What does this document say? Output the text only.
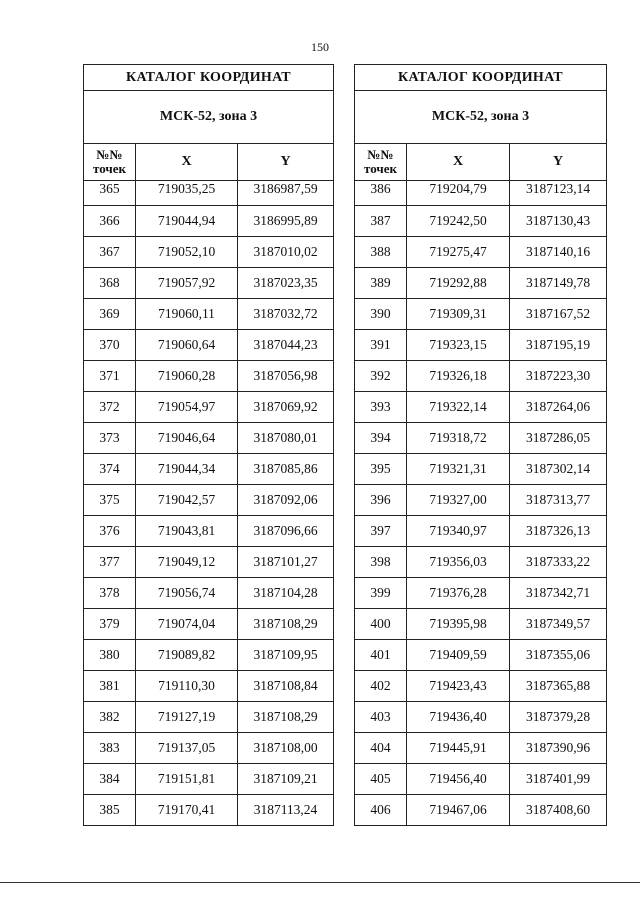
150
КАТАЛОГ КООРДИНАТ		
МСК-52, зона 3		
№№ точек	X	Y
365	719035,25	3186987,59
366	719044,94	3186995,89
367	719052,10	3187010,02
368	719057,92	3187023,35
369	719060,11	3187032,72
370	719060,64	3187044,23
371	719060,28	3187056,98
372	719054,97	3187069,92
373	719046,64	3187080,01
374	719044,34	3187085,86
375	719042,57	3187092,06
376	719043,81	3187096,66
377	719049,12	3187101,27
378	719056,74	3187104,28
379	719074,04	3187108,29
380	719089,82	3187109,95
381	719110,30	3187108,84
382	719127,19	3187108,29
383	719137,05	3187108,00
384	719151,81	3187109,21
385	719170,41	3187113,24
КАТАЛОГ КООРДИНАТ		
МСК-52, зона 3		
№№ точек	X	Y
386	719204,79	3187123,14
387	719242,50	3187130,43
388	719275,47	3187140,16
389	719292,88	3187149,78
390	719309,31	3187167,52
391	719323,15	3187195,19
392	719326,18	3187223,30
393	719322,14	3187264,06
394	719318,72	3187286,05
395	719321,31	3187302,14
396	719327,00	3187313,77
397	719340,97	3187326,13
398	719356,03	3187333,22
399	719376,28	3187342,71
400	719395,98	3187349,57
401	719409,59	3187355,06
402	719423,43	3187365,88
403	719436,40	3187379,28
404	719445,91	3187390,96
405	719456,40	3187401,99
406	719467,06	3187408,60
